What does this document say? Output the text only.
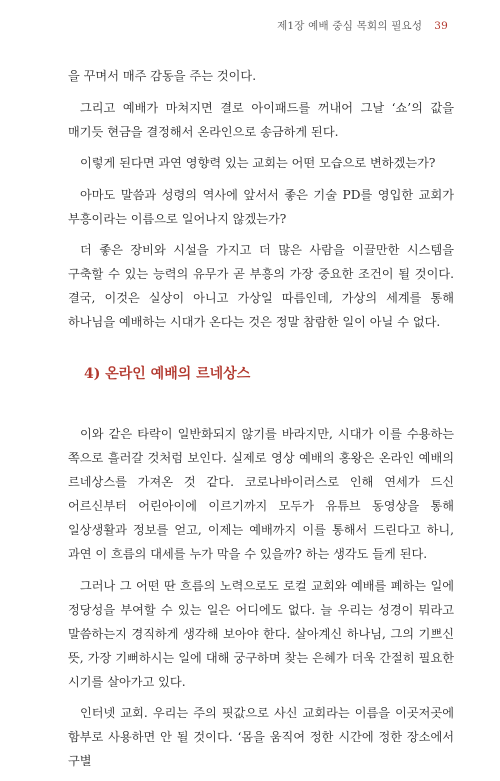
제1장 예배 중심 목회의 필요성 39

을 꾸며서 매주 감동을 주는 것이다.

그리고 예배가 마쳐지면 결로 아이패드를 꺼내어 그날 ‘쇼’의 값을 매기듯 현금을 결정해서 온라인으로 송금하게 된다.

이렇게 된다면 과연 영향력 있는 교회는 어떤 모습으로 변하겠는가?

아마도 말씀과 성령의 역사에 앞서서 좋은 기술 PD를 영입한 교회가 부흥이라는 이름으로 일어나지 않겠는가?

더 좋은 장비와 시설을 가지고 더 많은 사람을 이끌만한 시스템을 구축할 수 있는 능력의 유무가 곧 부흥의 가장 중요한 조건이 될 것이다. 결국, 이것은 실상이 아니고 가상일 따름인데, 가상의 세계를 통해 하나님을 예배하는 시대가 온다는 것은 정말 참람한 일이 아닐 수 없다.

4) 온라인 예배의 르네상스

이와 같은 타락이 일반화되지 않기를 바라지만, 시대가 이를 수용하는 쪽으로 흘러갈 것처럼 보인다. 실제로 영상 예배의 홍왕은 온라인 예배의 르네상스를 가져온 것 같다. 코로나바이러스로 인해 연세가 드신 어르신부터 어린아이에 이르기까지 모두가 유튜브 동영상을 통해 일상생활과 정보를 얻고, 이제는 예배까지 이를 통해서 드린다고 하니, 과연 이 흐름의 대세를 누가 막을 수 있을까? 하는 생각도 들게 된다.

그러나 그 어떤 딴 흐름의 노력으로도 로컬 교회와 예배를 폐하는 일에 정당성을 부여할 수 있는 일은 어디에도 없다. 늘 우리는 성경이 뭐라고 말씀하는지 경직하게 생각해 보아야 한다. 살아계신 하나님, 그의 기쁘신 뜻, 가장 기뻐하시는 일에 대해 궁구하며 찾는 은혜가 더욱 간절히 필요한 시기를 살아가고 있다.

인터넷 교회. 우리는 주의 핏값으로 사신 교회라는 이름을 이곳저곳에 함부로 사용하면 안 될 것이다. ‘몸을 움직여 정한 시간에 정한 장소에서 구별
